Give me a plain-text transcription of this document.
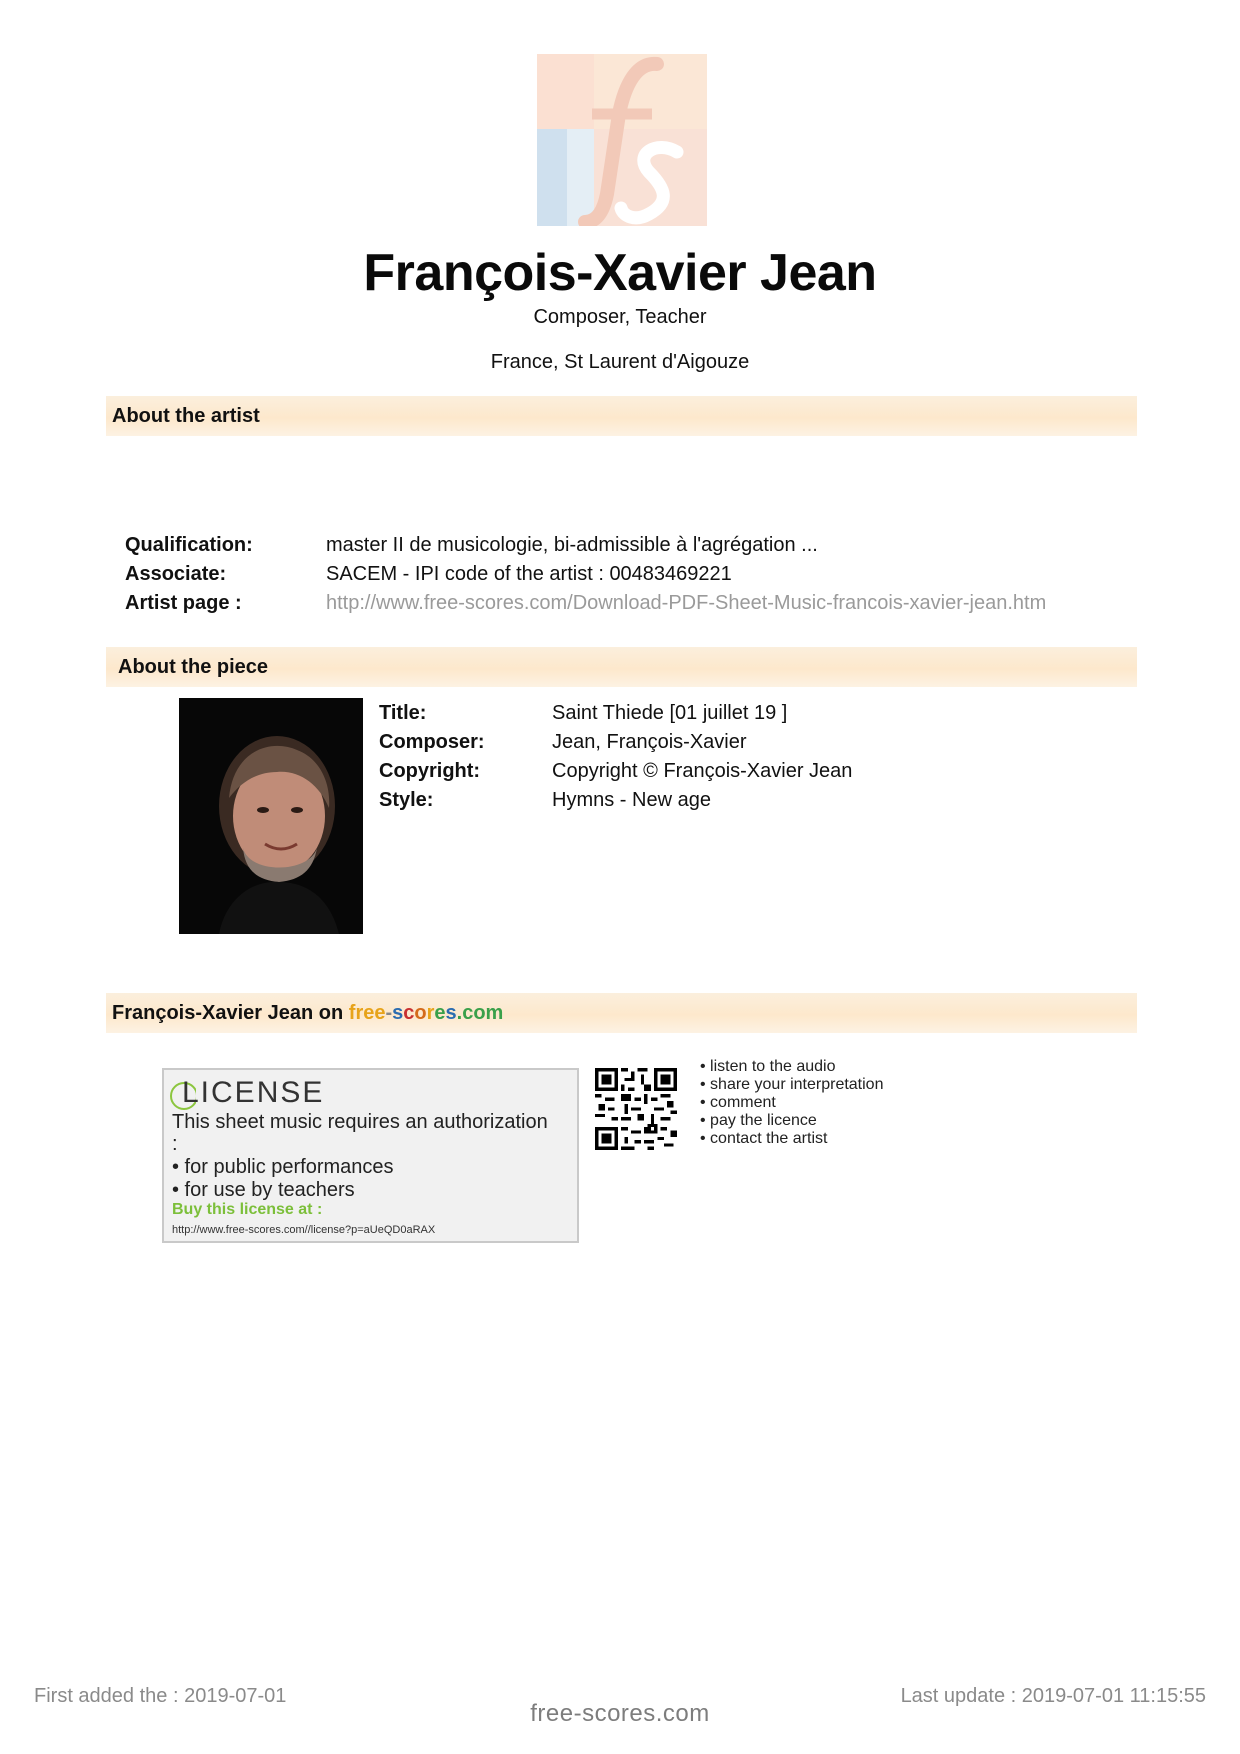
François-Xavier Jean
Composer, Teacher
France, St Laurent d'Aigouze
About the artist
Qualification:	master II de musicologie, bi-admissible à l'agrégation ...
Associate:	SACEM - IPI code of the artist : 00483469221
Artist page :	http://www.free-scores.com/Download-PDF-Sheet-Music-francois-xavier-jean.htm
About the piece
Title:	Saint Thiede [01 juillet 19 ]
Composer:	Jean, François-Xavier
Copyright:	Copyright © François-Xavier Jean
Style:	Hymns - New age
François-Xavier Jean on free-scores.com
LICENSE
This sheet music requires an authorization
:
• for public performances
• for use by teachers
Buy this license at :
http://www.free-scores.com//license?p=aUeQD0aRAX
• listen to the audio
• share your interpretation
• comment
• pay the licence
• contact the artist
First added the : 2019-07-01	Last update : 2019-07-01 11:15:55
free-scores.com
